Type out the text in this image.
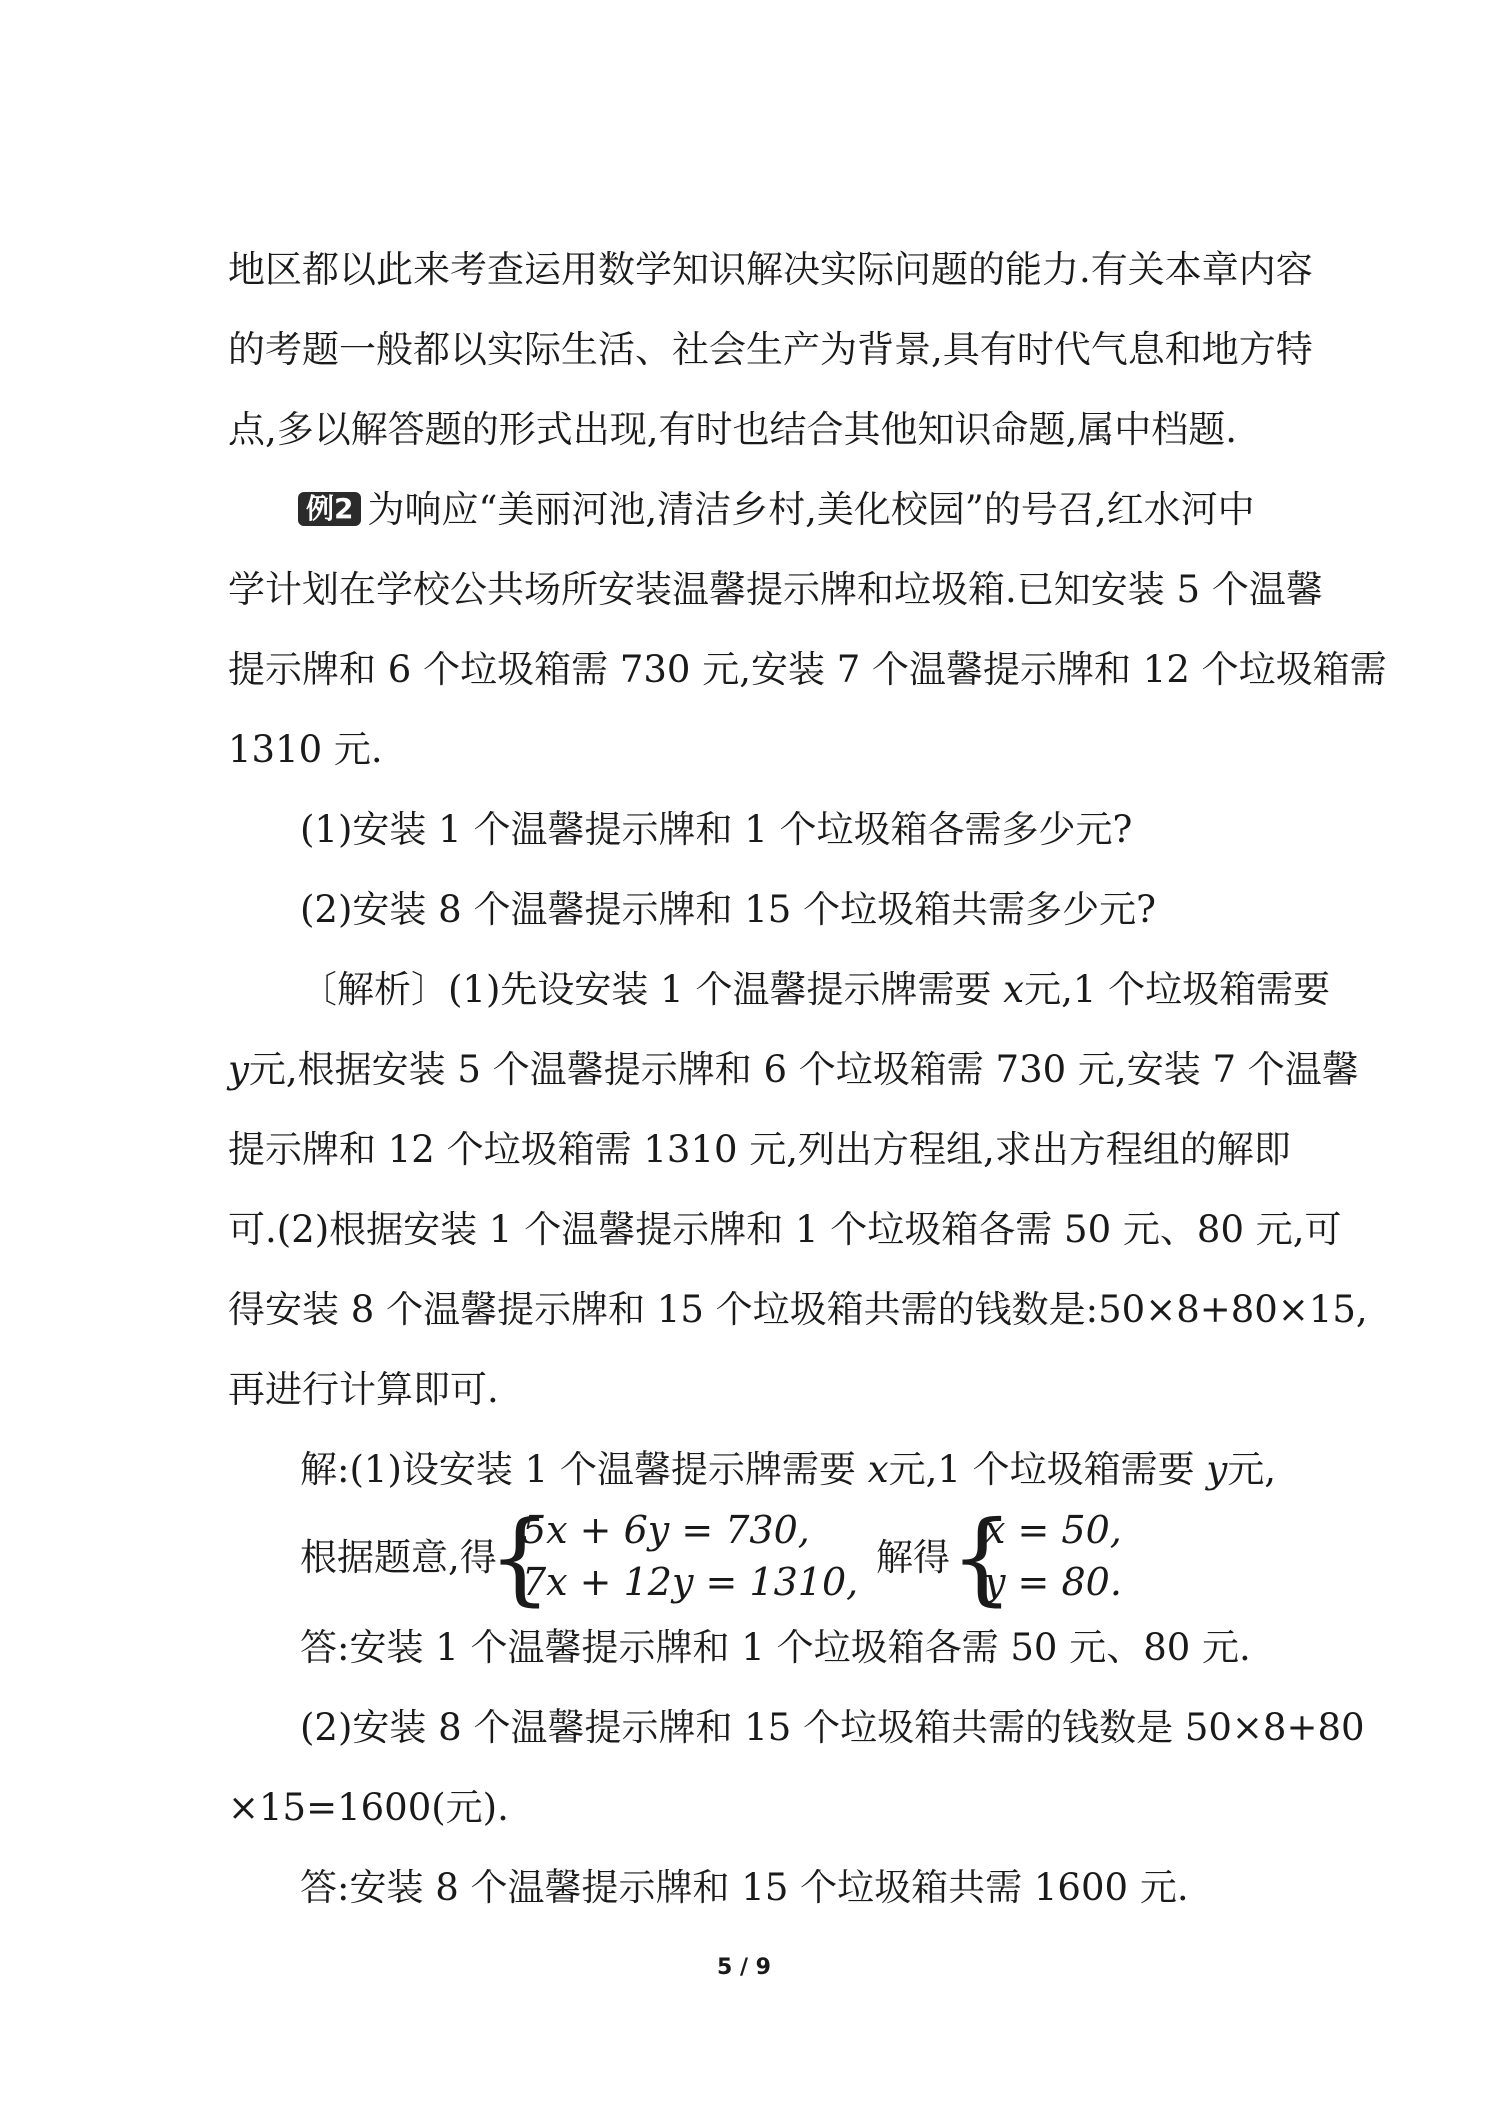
地区都以此来考查运用数学知识解决实际问题的能力.有关本章内容
的考题一般都以实际生活、社会生产为背景,具有时代气息和地方特
点,多以解答题的形式出现,有时也结合其他知识命题,属中档题.
例2 为响应“美丽河池,清洁乡村,美化校园”的号召,红水河中
学计划在学校公共场所安装温馨提示牌和垃圾箱.已知安装 5 个温馨
提示牌和 6 个垃圾箱需 730 元,安装 7 个温馨提示牌和 12 个垃圾箱需
1310 元.
(1)安装 1 个温馨提示牌和 1 个垃圾箱各需多少元?
(2)安装 8 个温馨提示牌和 15 个垃圾箱共需多少元?
〔解析〕(1)先设安装 1 个温馨提示牌需要 x元,1 个垃圾箱需要
y元,根据安装 5 个温馨提示牌和 6 个垃圾箱需 730 元,安装 7 个温馨
提示牌和 12 个垃圾箱需 1310 元,列出方程组,求出方程组的解即
可.(2)根据安装 1 个温馨提示牌和 1 个垃圾箱各需 50 元、80 元,可
得安装 8 个温馨提示牌和 15 个垃圾箱共需的钱数是:50×8+80×15,
再进行计算即可.
解:(1)设安装 1 个温馨提示牌需要 x元,1 个垃圾箱需要 y元,
根据题意,得
{
5x + 6y = 730,
7x + 12y = 1310,
解得 {
x = 50,
y = 80.
答:安装 1 个温馨提示牌和 1 个垃圾箱各需 50 元、80 元.
(2)安装 8 个温馨提示牌和 15 个垃圾箱共需的钱数是 50×8+80
×15=1600(元).
答:安装 8 个温馨提示牌和 15 个垃圾箱共需 1600 元.
5 / 9
